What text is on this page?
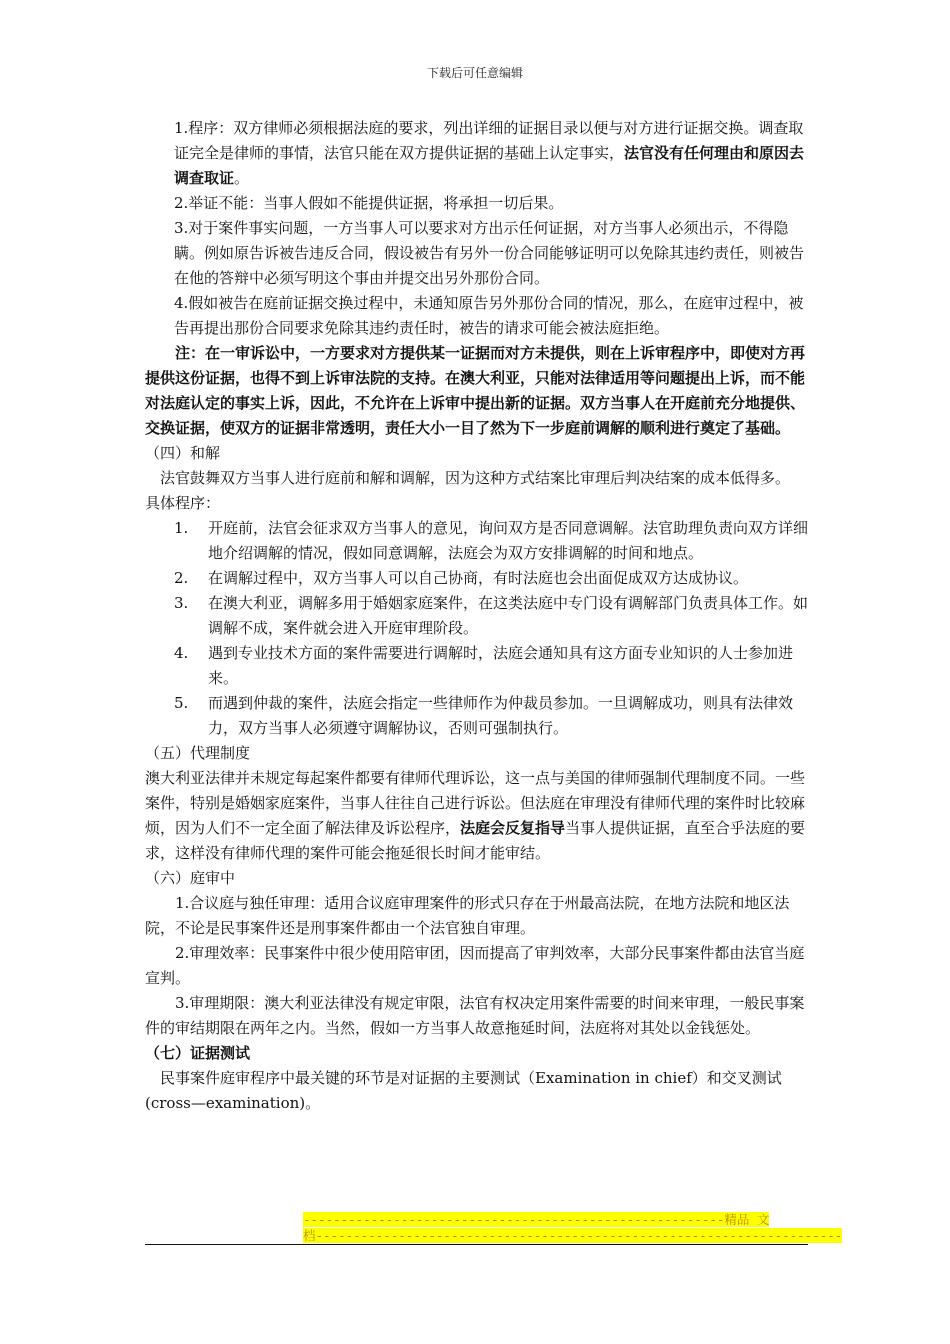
下载后可任意编辑

1.程序：双方律师必须根据法庭的要求，列出详细的证据目录以便与对方进行证据交换。调查取证完全是律师的事情，法官只能在双方提供证据的基础上认定事实，法官没有任何理由和原因去调查取证。

2.举证不能：当事人假如不能提供证据，将承担一切后果。

3.对于案件事实问题，一方当事人可以要求对方出示任何证据，对方当事人必须出示，不得隐瞒。例如原告诉被告违反合同，假设被告有另外一份合同能够证明可以免除其违约责任，则被告在他的答辩中必须写明这个事由并提交出另外那份合同。

4.假如被告在庭前证据交换过程中，未通知原告另外那份合同的情况，那么，在庭审过程中，被告再提出那份合同要求免除其违约责任时，被告的请求可能会被法庭拒绝。

注：在一审诉讼中，一方要求对方提供某一证据而对方未提供，则在上诉审程序中，即使对方再提供这份证据，也得不到上诉审法院的支持。在澳大利亚，只能对法律适用等问题提出上诉，而不能对法庭认定的事实上诉，因此，不允许在上诉审中提出新的证据。双方当事人在开庭前充分地提供、交换证据，使双方的证据非常透明，责任大小一目了然为下一步庭前调解的顺利进行奠定了基础。

（四）和解

法官鼓舞双方当事人进行庭前和解和调解，因为这种方式结案比审理后判决结案的成本低得多。

具体程序：

1. 开庭前，法官会征求双方当事人的意见，询问双方是否同意调解。法官助理负责向双方详细地介绍调解的情况，假如同意调解，法庭会为双方安排调解的时间和地点。

2. 在调解过程中，双方当事人可以自己协商，有时法庭也会出面促成双方达成协议。

3. 在澳大利亚，调解多用于婚姻家庭案件，在这类法庭中专门设有调解部门负责具体工作。如调解不成，案件就会进入开庭审理阶段。

4. 遇到专业技术方面的案件需要进行调解时，法庭会通知具有这方面专业知识的人士参加进来。

5. 而遇到仲裁的案件，法庭会指定一些律师作为仲裁员参加。一旦调解成功，则具有法律效力，双方当事人必须遵守调解协议，否则可强制执行。

（五）代理制度

澳大利亚法律并未规定每起案件都要有律师代理诉讼，这一点与美国的律师强制代理制度不同。一些案件，特别是婚姻家庭案件，当事人往往自己进行诉讼。但法庭在审理没有律师代理的案件时比较麻烦，因为人们不一定全面了解法律及诉讼程序，法庭会反复指导当事人提供证据，直至合乎法庭的要求，这样没有律师代理的案件可能会拖延很长时间才能审结。

（六）庭审中

1.合议庭与独任审理：适用合议庭审理案件的形式只存在于州最高法院，在地方法院和地区法院，不论是民事案件还是刑事案件都由一个法官独自审理。

2.审理效率：民事案件中很少使用陪审团，因而提高了审判效率，大部分民事案件都由法官当庭宣判。

3.审理期限：澳大利亚法律没有规定审限，法官有权决定用案件需要的时间来审理，一般民事案件的审结期限在两年之内。当然，假如一方当事人故意拖延时间，法庭将对其处以金钱惩处。

（七）证据测试

民事案件庭审程序中最关键的环节是对证据的主要测试（Examination in chief）和交叉测试(cross—examination)。

--------------------------------------------------------精品 文
档----------------------------------------------------------------------
